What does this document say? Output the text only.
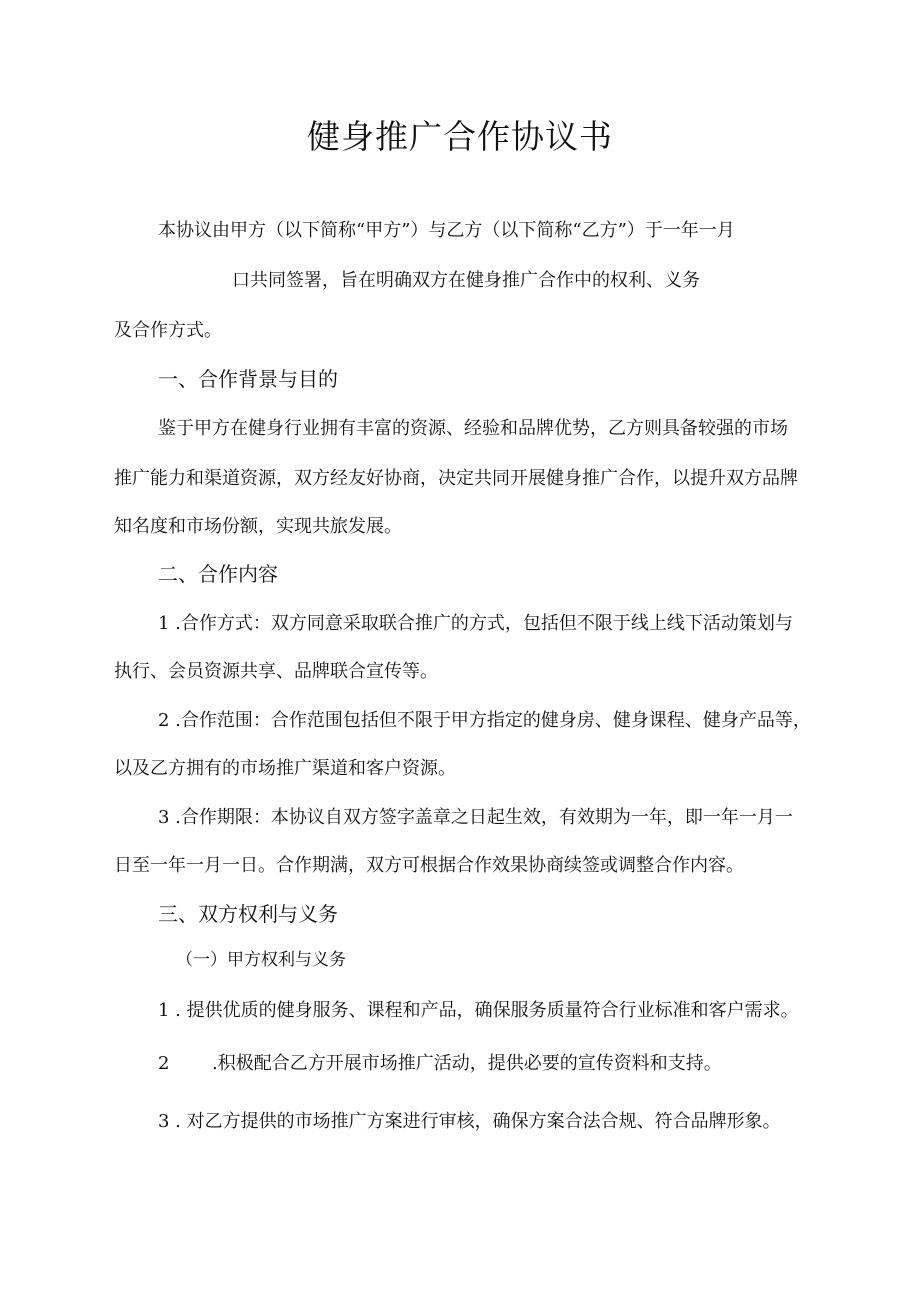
健身推广合作协议书

本协议由甲方（以下简称“甲方”）与乙方（以下简称“乙方”）于一年一月

口共同签署，旨在明确双方在健身推广合作中的权利、义务

及合作方式。

一、合作背景与目的

鉴于甲方在健身行业拥有丰富的资源、经验和品牌优势，乙方则具备较强的市场

推广能力和渠道资源，双方经友好协商，决定共同开展健身推广合作，以提升双方品牌

知名度和市场份额，实现共旅发展。

二、合作内容

1 .合作方式：双方同意采取联合推广的方式，包括但不限于线上线下活动策划与

执行、会员资源共享、品牌联合宣传等。

2 .合作范围：合作范围包括但不限于甲方指定的健身房、健身课程、健身产品等，

以及乙方拥有的市场推广渠道和客户资源。

3 .合作期限：本协议自双方签字盖章之日起生效，有效期为一年，即一年一月一

日至一年一月一日。合作期满，双方可根据合作效果协商续签或调整合作内容。

三、双方权利与义务

（一）甲方权利与义务

1 . 提供优质的健身服务、课程和产品，确保服务质量符合行业标准和客户需求。

2 .积极配合乙方开展市场推广活动，提供必要的宣传资料和支持。

3 . 对乙方提供的市场推广方案进行审核，确保方案合法合规、符合品牌形象。
